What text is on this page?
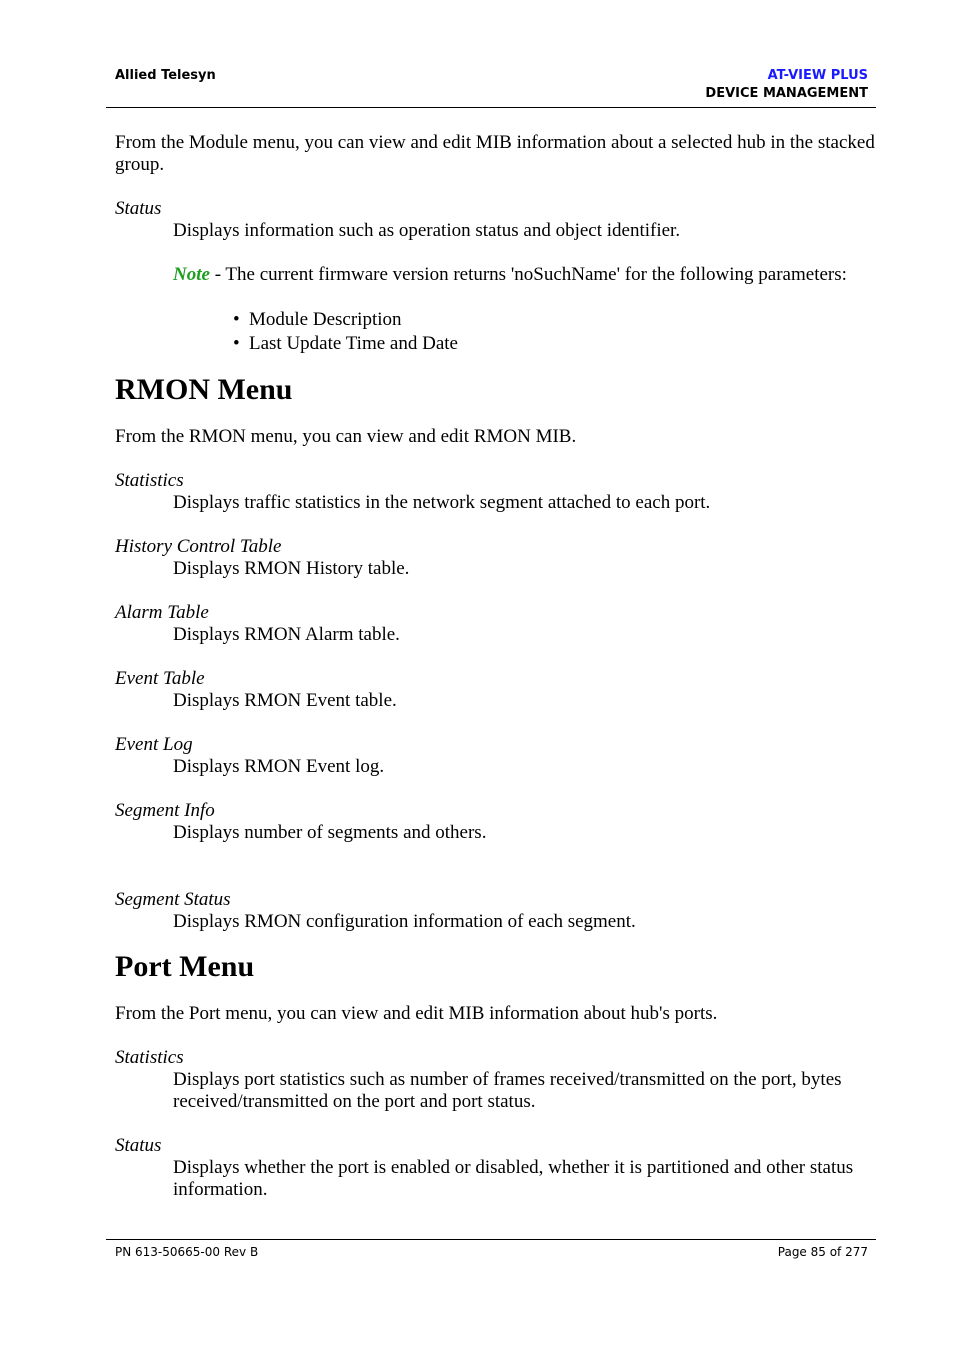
Allied Telesyn	AT-VIEW PLUS
DEVICE MANAGEMENT

From the Module menu, you can view and edit MIB information about a selected hub in the stacked group.

Status

Displays information such as operation status and object identifier.

Note - The current firmware version returns 'noSuchName' for the following parameters:

• Module Description
• Last Update Time and Date
RMON Menu

From the RMON menu, you can view and edit RMON MIB.

Statistics

Displays traffic statistics in the network segment attached to each port.

History Control Table

Displays RMON History table.

Alarm Table

Displays RMON Alarm table.

Event Table

Displays RMON Event table.

Event Log

Displays RMON Event log.

Segment Info

Displays number of segments and others.

Segment Status

Displays RMON configuration information of each segment.

Port Menu

From the Port menu, you can view and edit MIB information about hub's ports.

Statistics

Displays port statistics such as number of frames received/transmitted on the port, bytes received/transmitted on the port and port status.

Status

Displays whether the port is enabled or disabled, whether it is partitioned and other status information.

PN 613-50665-00 Rev B	Page 85 of 277
